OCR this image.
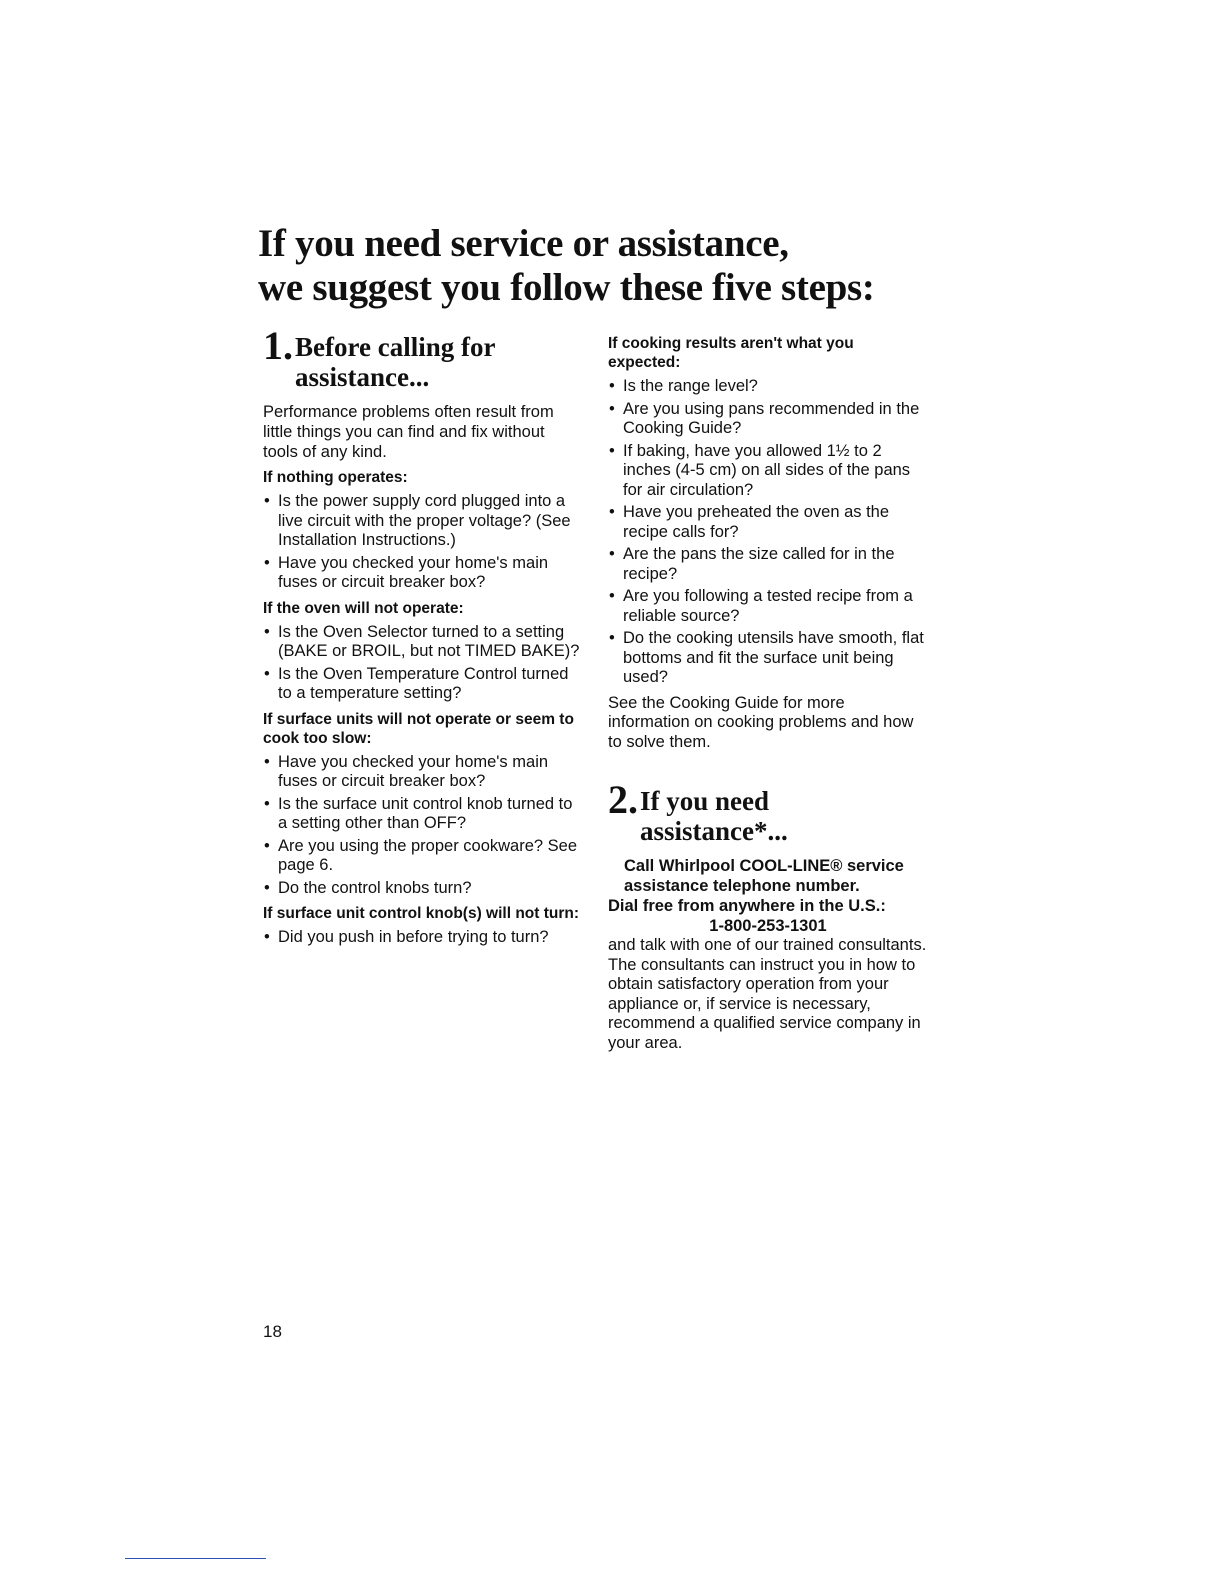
If you need service or assistance,
we suggest you follow these five steps:
1. Before calling for
assistance...

Performance problems often result from little things you can find and fix without tools of any kind.

If nothing operates:
• Is the power supply cord plugged into a live circuit with the proper voltage? (See Installation Instructions.)
• Have you checked your home's main fuses or circuit breaker box?
If the oven will not operate:
• Is the Oven Selector turned to a setting (BAKE or BROIL, but not TIMED BAKE)?
• Is the Oven Temperature Control turned to a temperature setting?
If surface units will not operate or seem to cook too slow:
• Have you checked your home's main fuses or circuit breaker box?
• Is the surface unit control knob turned to a setting other than OFF?
• Are you using the proper cookware? See page 6.
• Do the control knobs turn?
If surface unit control knob(s) will not turn:
• Did you push in before trying to turn?
If cooking results aren't what you expected:
• Is the range level?
• Are you using pans recommended in the Cooking Guide?
• If baking, have you allowed 1½ to 2 inches (4-5 cm) on all sides of the pans for air circulation?
• Have you preheated the oven as the recipe calls for?
• Are the pans the size called for in the recipe?
• Are you following a tested recipe from a reliable source?
• Do the cooking utensils have smooth, flat bottoms and fit the surface unit being used?

See the Cooking Guide for more information on cooking problems and how to solve them.

2. If you need
assistance*...
Call Whirlpool COOL-LINE® service assistance telephone number.
Dial free from anywhere in the U.S.:
1-800-253-1301

and talk with one of our trained consultants. The consultants can instruct you in how to obtain satisfactory operation from your appliance or, if service is necessary, recommend a qualified service company in your area.

18
